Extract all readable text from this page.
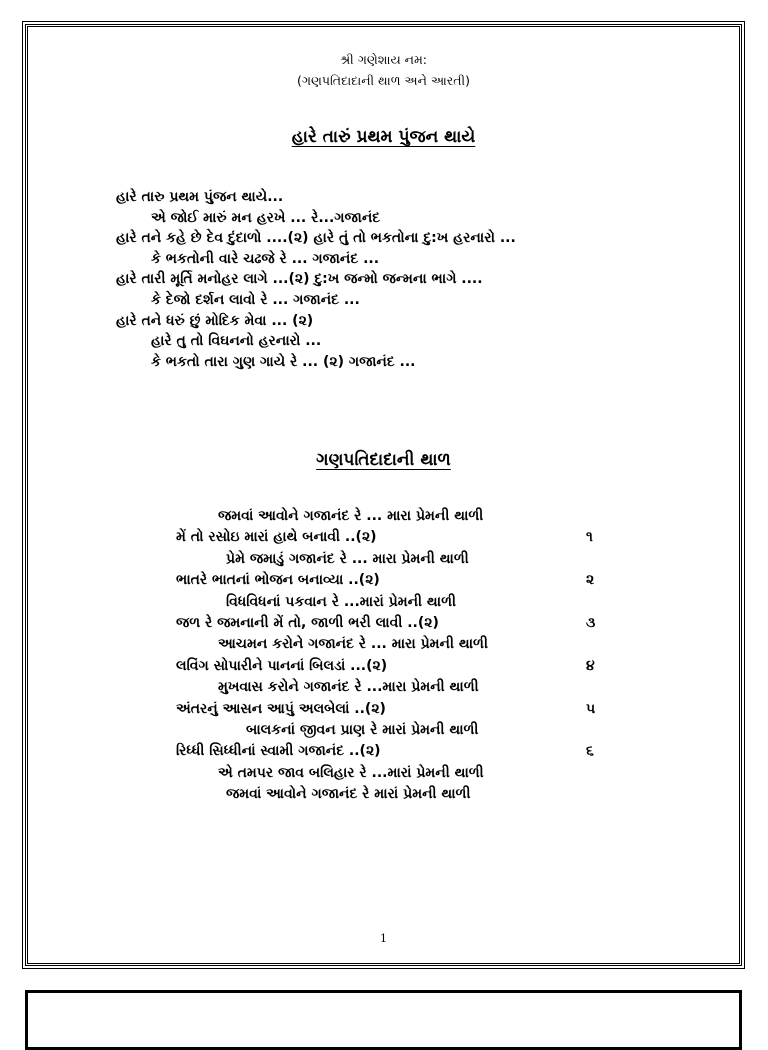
શ્રી ગણેશાય નમ:
(ગણપતિદાદાની થાળ અને આરતી)
હારે તારું પ્રથમ પુંજન થાયે
હારે તારુ પ્રથમ પુંજન થાયે...
એ જોઈ મારું મન હરખે ... રે...ગજાનંદ
હારે તને કહે છે દેવ દુંદાળો ....(૨) હારે તું તો ભકતોના દુ:ખ હરનારો ...
કે ભકતોની વારે ચઢજે રે ... ગજાનંદ ...
હારે તારી મૂર્તિ મનોહર લાગે ...(૨) દુ:ખ જન્મો જન્મના ભાગે ....
કે દેજો દર્શન લાવો રે ... ગજાનંદ ...
હારે તને ધરું છું મોદિક મેવા ... (૨)
હારે તુ તો વિઘનનો હરનારો ...
કે ભકતો તારા ગુણ ગાયે રે ... (૨) ગજાનંદ ...
ગણપતિદાદાની થાળ
જમવાં આવોને ગજાનંદ રે ... મારા પ્રેમની થાળી
મેં તો રસોઇ મારાં હાથે બનાવી ..(૨)	૧
પ્રેમે જમાડું ગજાનંદ રે ... મારા પ્રેમની થાળી
ભાતરે ભાતનાં ભોજન બનાવ્યા ..(૨)	૨
વિધવિધનાં પકવાન રે ...મારાં પ્રેમની થાળી
જળ રે જમનાની મેં તો, જાળી ભરી લાવી ..(૨)	૩
આચમન કરોને ગજાનંદ રે ... મારા પ્રેમની થાળી
લવિંગ સોપારીને પાનનાં બિલડાં ...(૨)	૪
મુખવાસ કરોને ગજાનંદ રે ...મારા પ્રેમની થાળી
અંતરનું આસન આપું અલબેલાં ..(૨)	૫
બાલકનાં જીવન પ્રાણ રે મારાં પ્રેમની થાળી
રિધ્ધી સિધ્ધીનાં સ્વામી ગજાનંદ ..(૨)	૬
એ તમપર જાવ બલિહાર રે ...મારાં પ્રેમની થાળી
જમવાં આવોને ગજાનંદ રે મારાં પ્રેમની થાળી
1
